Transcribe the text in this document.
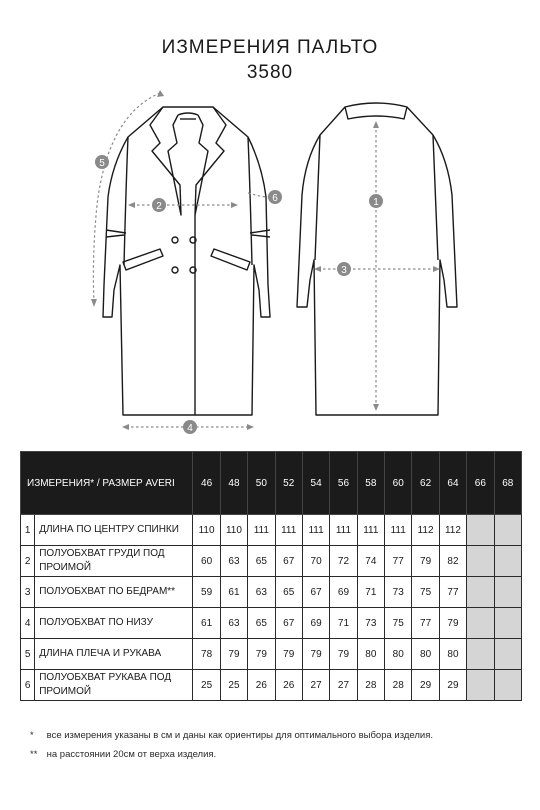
ИЗМЕРЕНИЯ ПАЛЬТО
3580
5
2
6
4
1
3
ИЗМЕРЕНИЯ* / РАЗМЕР AVERI		46	48	50	52	54	56	58	60	62	64	66	68
1	ДЛИНА ПО ЦЕНТРУ СПИНКИ	110	110	111	111	111	111	111	111	112	112		
2	ПОЛУОБХВАТ ГРУДИ ПОД ПРОИМОЙ	60	63	65	67	70	72	74	77	79	82		
3	ПОЛУОБХВАТ ПО БЕДРАМ**	59	61	63	65	67	69	71	73	75	77		
4	ПОЛУОБХВАТ ПО НИЗУ	61	63	65	67	69	71	73	75	77	79		
5	ДЛИНА ПЛЕЧА И РУКАВА	78	79	79	79	79	79	80	80	80	80		
6	ПОЛУОБХВАТ РУКАВА ПОД ПРОИМОЙ	25	25	26	26	27	27	28	28	29	29		
* все измерения указаны в см и даны как ориентиры для оптимального выбора изделия.
** на расстоянии 20см от верха изделия.
